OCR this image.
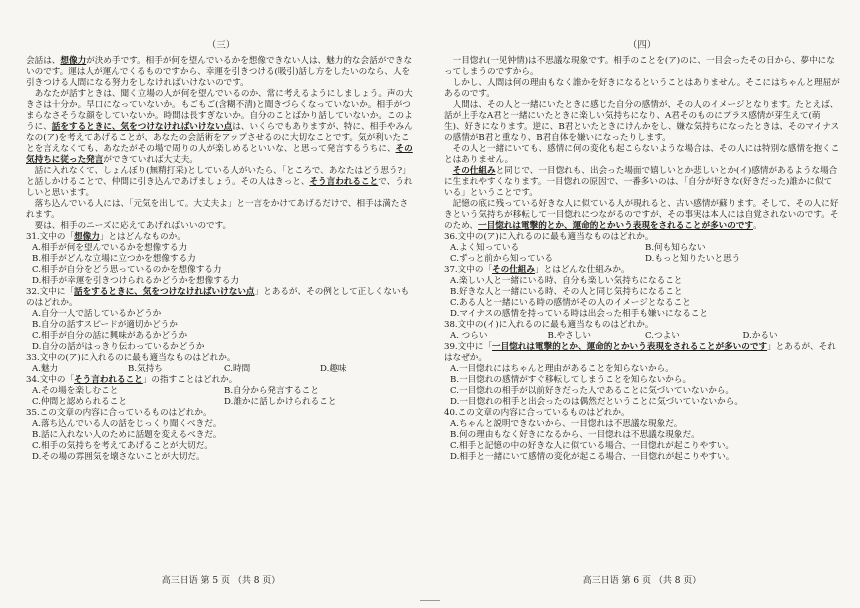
（三）

会話は、想像力が決め手です。相手が何を望んでいるかを想像できない人は、魅力的な会話ができないのです。運は人が運んでくるものですから、幸運を引きつける(吸引)話し方をしたいのなら、人を引きつける人間になる努力をしなければいけないのです。

あなたが話すときは、聞く立場の人が何を望んでいるのか、常に考えるようにしましょう。声の大きさは十分か。早口になっていないか。もごもご(含糊不清)と聞きづらくなっていないか。相手がつまらなさそうな顔をしていないか。時間は長すぎないか。自分のことばかり話していないか。このように、話をするときに、気をつけなければいけない点は、いくらでもありますが、特に、相手やみんなの(ア)を考えてあげることが、あなたの会話術をアップさせるのに大切なことです。気が利いたことを言えなくても、あなたがその場で周りの人が楽しめるといいな、と思って発言するうちに、その気持ちに従った発言ができていれば大丈夫。

話に入れなくて、しょんぼり(無精打采)としている人がいたら、「ところで、あなたはどう思う?」と話しかけることで、仲間に引き込んであげましょう。その人はきっと、そう言われることで、うれしいと思います。

落ち込んでいる人には、「元気を出して。大丈夫よ」と一言をかけてあげるだけで、相手は満たされます。

要は、相手のニーズに応えてあげればいいのです。

31.文中の「想像力」とはどんなものか。
A.相手が何を望んでいるかを想像する力
B.相手がどんな立場に立つかを想像する力
C.相手が自分をどう思っているのかを想像する力
D.相手が幸運を引きつけられるかどうかを想像する力
32.文中に「話をするときに、気をつけなければいけない点」とあるが、その例として正しくないものはどれか。
A.自分一人で話しているかどうか
B.自分の話すスピードが適切かどうか
C.相手が自分の話に興味があるかどうか
D.自分の話がはっきり伝わっているかどうか
33.文中の(ア)に入れるのに最も適当なものはどれか。
A.魅力	B.気持ち	C.時間	D.趣味
34.文中の「そう言われること」の指すことはどれか。
A.その場を楽しむこと	B.自分から発言すること
C.仲間と認められること	D.誰かに話しかけられること
35.この文章の内容に合っているものはどれか。
A.落ち込んでいる人の話をじっくり聞くべきだ。
B.話に入れない人のために話題を変えるべきだ。
C.相手の気持ちを考えてあげることが大切だ。
D.その場の雰囲気を壊さないことが大切だ。
（四）

一目惚れ(一见钟情)は不思議な現象です。相手のことを(ア)のに、一目会ったその日から、夢中になってしまうのですから。

しかし、人間は何の理由もなく誰かを好きになるということはありません。そこにはちゃんと理屈があるのです。

人間は、その人と一緒にいたときに感じた自分の感情が、その人のイメージとなります。たとえば、話が上手なA君と一緒にいたときに楽しい気持ちになり、A君そのものにプラス感情が芽生えて(萌生)、好きになります。逆に、B君といたときにけんかをし、嫌な気持ちになったときは、そのマイナスの感情がB君と重なり、B君自体を嫌いになったりします。

その人と一緒にいても、感情に何の変化も起こらないような場合は、その人には特別な感情を抱くことはありません。

その仕組みと同じで、一目惚れも、出会った場面で嬉しいとか悲しいとか(イ)感情があるような場合に生まれやすくなります。一目惚れの原因で、一番多いのは、「自分が好きな(好きだった)誰かに似ている」ということです。

記憶の底に残っている好きな人に似ている人が現れると、古い感情が蘇ります。そして、その人に好きという気持ちが移転して一目惚れにつながるのですが、その事実は本人には自覚されないのです。そのため、一目惚れは電撃的とか、運命的とかいう表現をされることが多いのです。

36.文中の(ア)に入れるのに最も適当なものはどれか。
A.よく知っている	B.何も知らない
C.ずっと前から知っている	D.もっと知りたいと思う
37.文中の「その仕組み」とはどんな仕組みか。
A.楽しい人と一緒にいる時、自分も楽しい気持ちになること
B.好きな人と一緒にいる時、その人と同じ気持ちになること
C.ある人と一緒にいる時の感情がその人のイメージとなること
D.マイナスの感情を持っている時は出会った相手も嫌いになること
38.文中の(イ)に入れるのに最も適当なものはどれか。
A. つらい	B.やさしい	C.つよい	D.かるい
39.文中に「一目惚れは電撃的とか、運命的とかいう表現をされることが多いのです」とあるが、それはなぜか。
A.一目惚れにはちゃんと理由があることを知らないから。
B.一目惚れの感情がすぐ移転してしまうことを知らないから。
C.一目惚れの相手が以前好きだった人であることに気づいていないから。
D.一目惚れの相手と出会ったのは偶然だということに気づいていないから。
40.この文章の内容に合っているものはどれか。
A.ちゃんと説明できないから、一目惚れは不思議な現象だ。
B.何の理由もなく好きになるから、一目惚れは不思議な現象だ。
C.相手と記憶の中の好きな人に似ている場合、一目惚れが起こりやすい。
D.相手と一緒にいて感情の変化が起こる場合、一目惚れが起こりやすい。
高三日语 第 5 页 （共 8 页）	高三日语 第 6 页 （共 8 页）
